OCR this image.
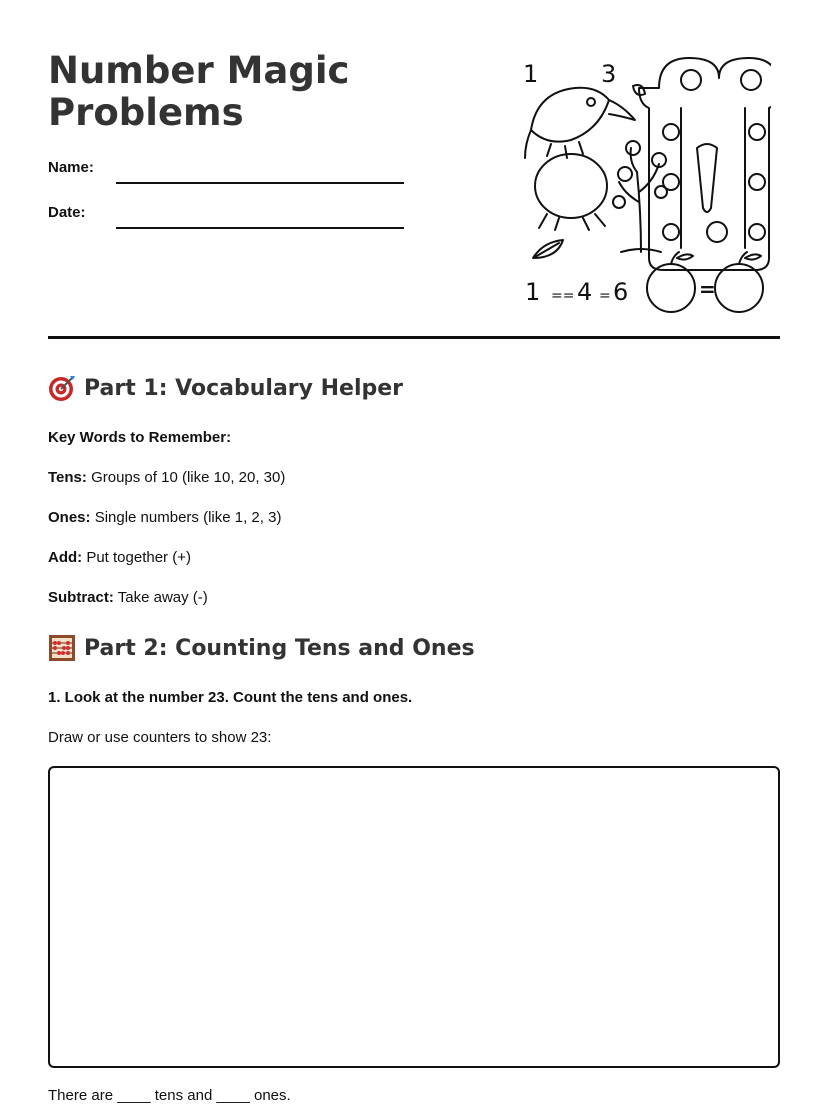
Number Magic
Problems
Name:
Date:
1	3
1 == 4 = 6	=
Part 1: Vocabulary Helper
Key Words to Remember:
Tens: Groups of 10 (like 10, 20, 30)
Ones: Single numbers (like 1, 2, 3)
Add: Put together (+)
Subtract: Take away (-)
Part 2: Counting Tens and Ones
1. Look at the number 23. Count the tens and ones.
Draw or use counters to show 23:
There are ____ tens and ____ ones.
